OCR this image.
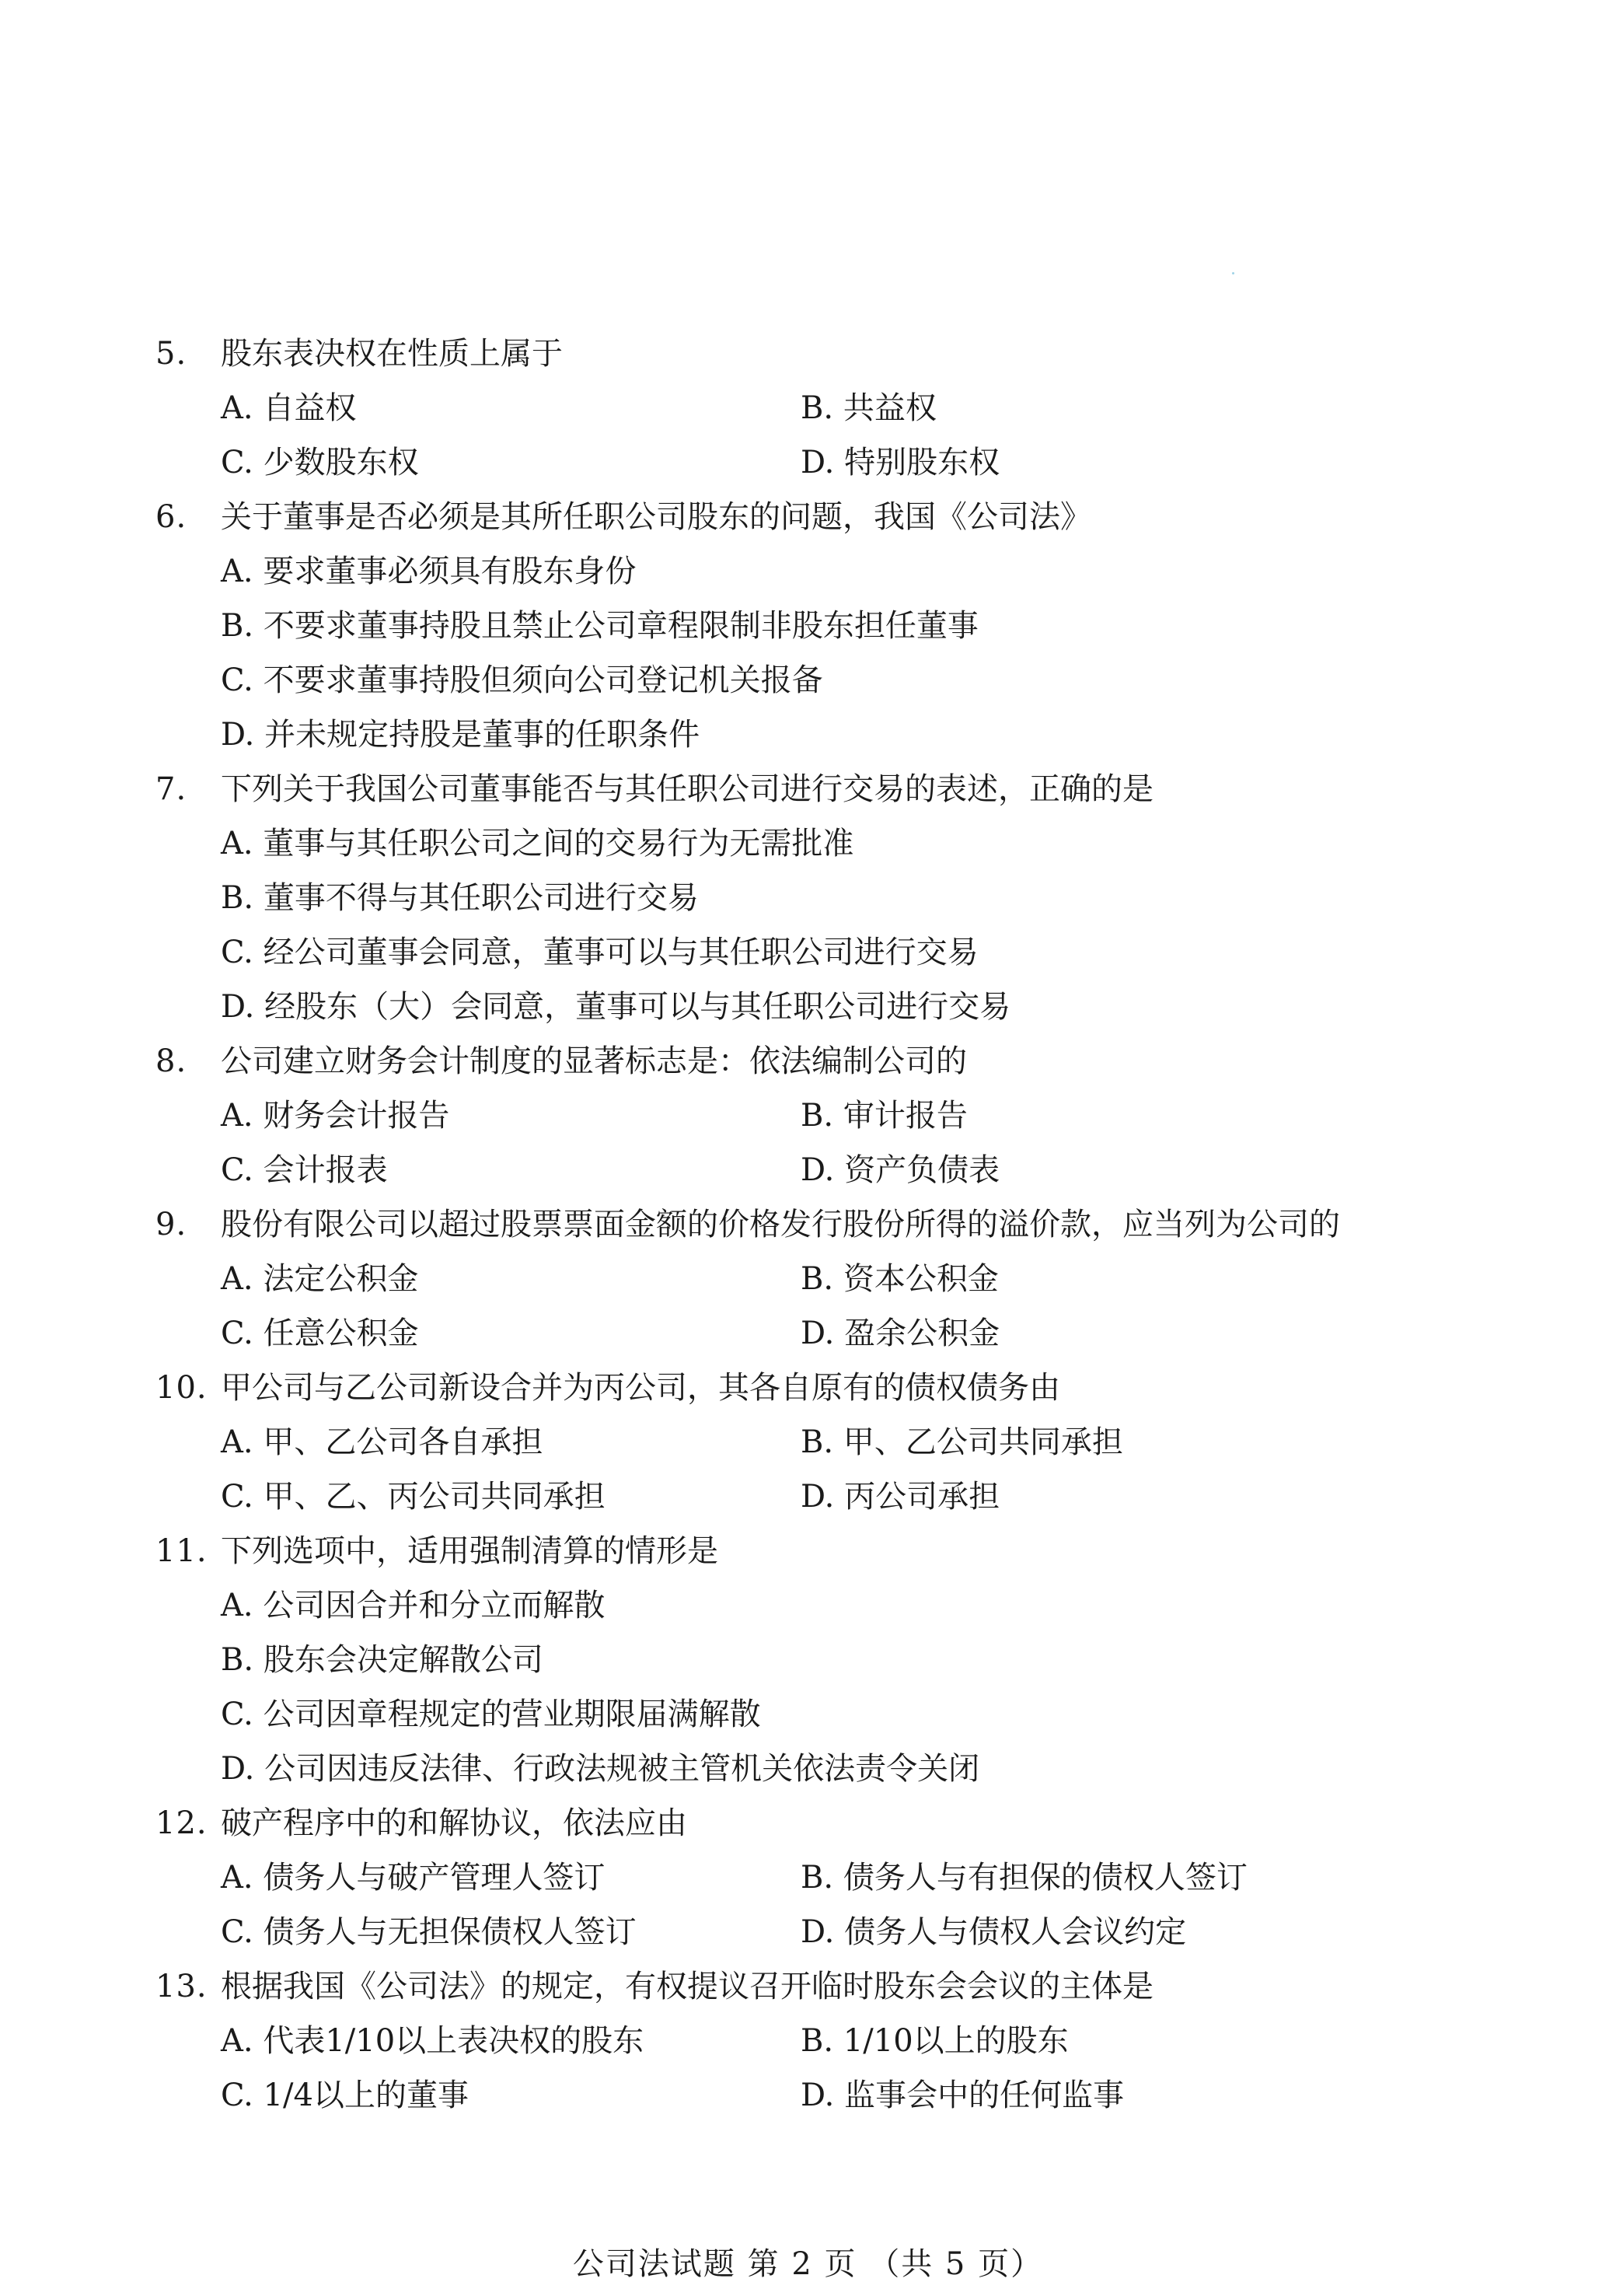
5.	股东表决权在性质上属于
A. 自益权	B. 共益权
C. 少数股东权	D. 特别股东权
6.	关于董事是否必须是其所任职公司股东的问题，我国《公司法》
A. 要求董事必须具有股东身份
B. 不要求董事持股且禁止公司章程限制非股东担任董事
C. 不要求董事持股但须向公司登记机关报备
D. 并未规定持股是董事的任职条件
7.	下列关于我国公司董事能否与其任职公司进行交易的表述，正确的是
A. 董事与其任职公司之间的交易行为无需批准
B. 董事不得与其任职公司进行交易
C. 经公司董事会同意，董事可以与其任职公司进行交易
D. 经股东（大）会同意，董事可以与其任职公司进行交易
8.	公司建立财务会计制度的显著标志是：依法编制公司的
A. 财务会计报告	B. 审计报告
C. 会计报表	D. 资产负债表
9.	股份有限公司以超过股票票面金额的价格发行股份所得的溢价款，应当列为公司的
A. 法定公积金	B. 资本公积金
C. 任意公积金	D. 盈余公积金
10. 甲公司与乙公司新设合并为丙公司，其各自原有的债权债务由
A. 甲、乙公司各自承担	B. 甲、乙公司共同承担
C. 甲、乙、丙公司共同承担	D. 丙公司承担
11. 下列选项中，适用强制清算的情形是
A. 公司因合并和分立而解散
B. 股东会决定解散公司
C. 公司因章程规定的营业期限届满解散
D. 公司因违反法律、行政法规被主管机关依法责令关闭
12. 破产程序中的和解协议，依法应由
A. 债务人与破产管理人签订	B. 债务人与有担保的债权人签订
C. 债务人与无担保债权人签订	D. 债务人与债权人会议约定
13. 根据我国《公司法》的规定，有权提议召开临时股东会会议的主体是
A. 代表1/10以上表决权的股东	B. 1/10以上的股东
C. 1/4以上的董事	D. 监事会中的任何监事
公司法试题 第 2 页 （共 5 页）
